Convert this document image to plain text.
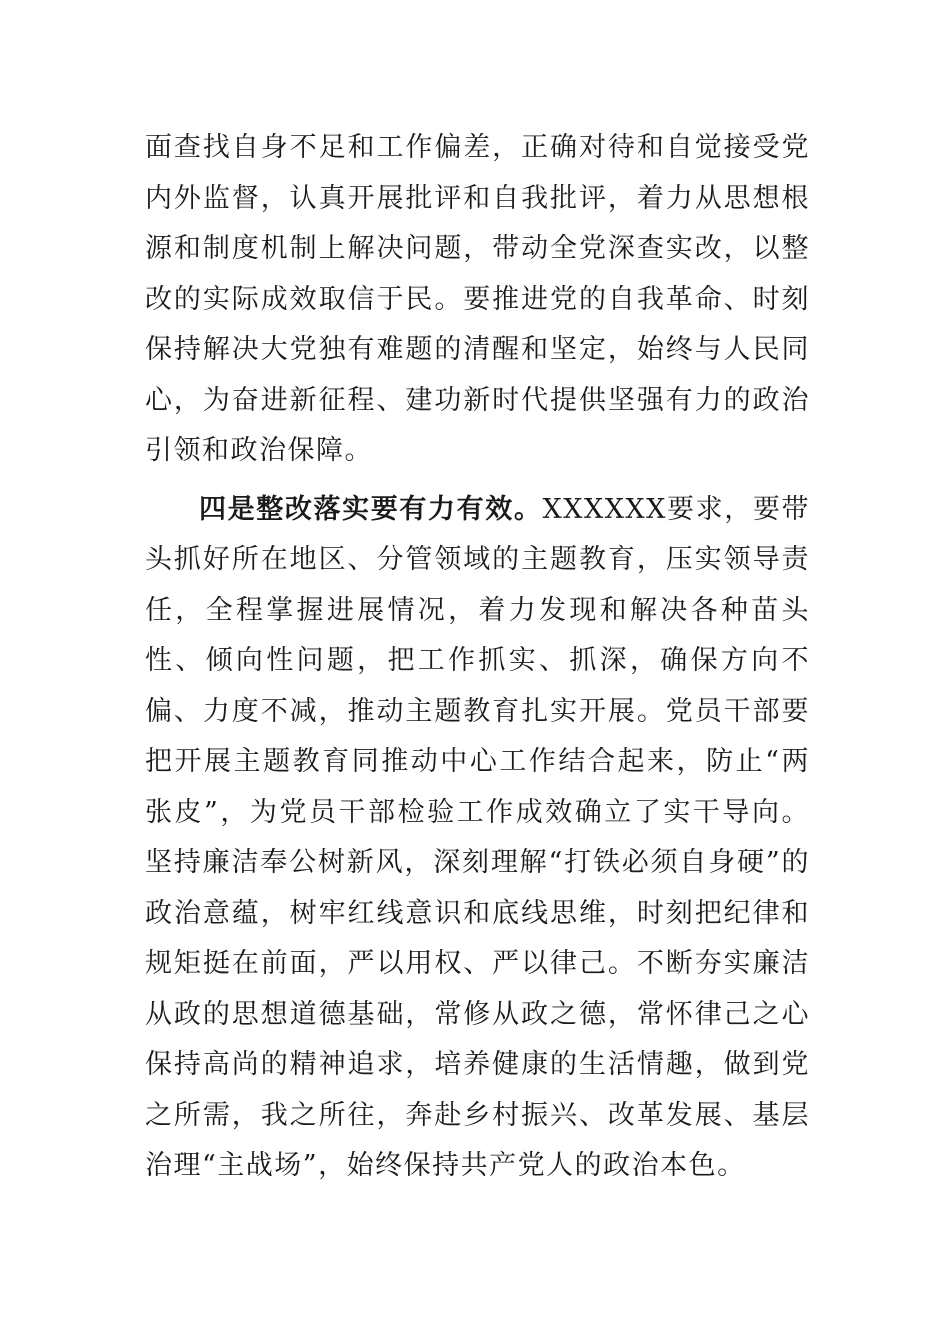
面查找自身不足和工作偏差，正确对待和自觉接受党内外监督，认真开展批评和自我批评，着力从思想根源和制度机制上解决问题，带动全党深查实改，以整改的实际成效取信于民。要推进党的自我革命、时刻保持解决大党独有难题的清醒和坚定，始终与人民同心，为奋进新征程、建功新时代提供坚强有力的政治引领和政治保障。

四是整改落实要有力有效。XXXXXX要求，要带头抓好所在地区、分管领域的主题教育，压实领导责任，全程掌握进展情况，着力发现和解决各种苗头性、倾向性问题，把工作抓实、抓深，确保方向不偏、力度不减，推动主题教育扎实开展。党员干部要把开展主题教育同推动中心工作结合起来，防止“两张皮”，为党员干部检验工作成效确立了实干导向。坚持廉洁奉公树新风，深刻理解“打铁必须自身硬”的政治意蕴，树牢红线意识和底线思维，时刻把纪律和规矩挺在前面，严以用权、严以律己。不断夯实廉洁从政的思想道德基础，常修从政之德，常怀律己之心保持高尚的精神追求，培养健康的生活情趣，做到党之所需，我之所往，奔赴乡村振兴、改革发展、基层治理“主战场”，始终保持共产党人的政治本色。
